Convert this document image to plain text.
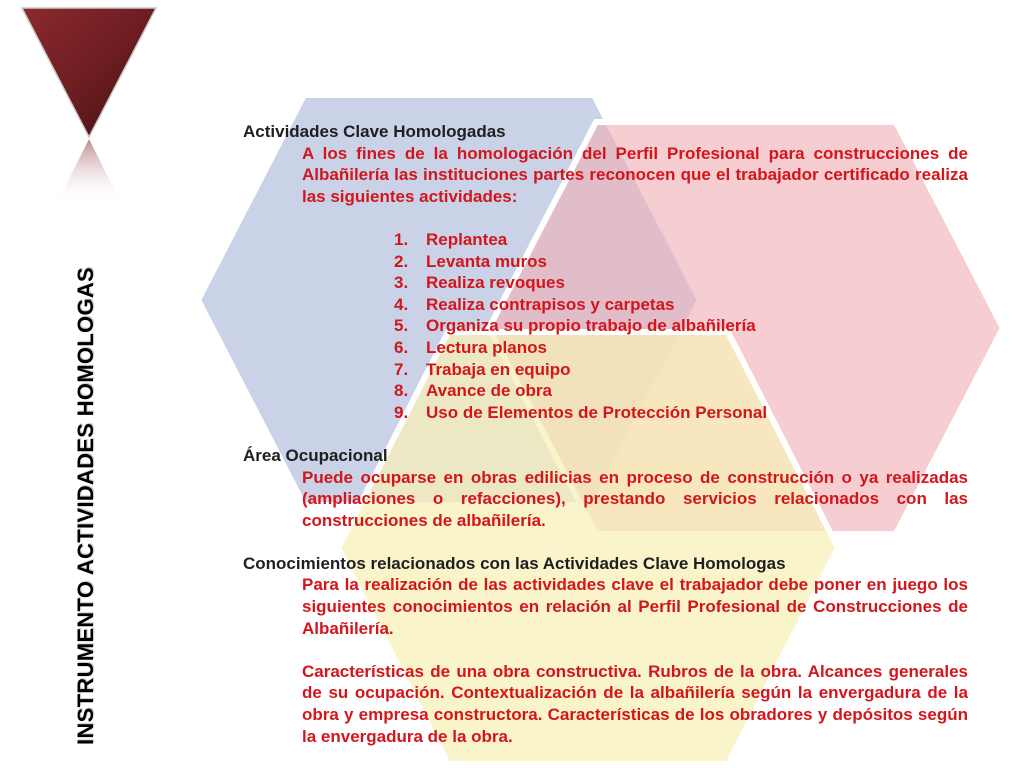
INSTRUMENTO ACTIVIDADES HOMOLOGAS

Actividades Clave Homologadas

A los fines de la homologación del Perfil Profesional para construcciones de Albañilería las instituciones partes reconocen que el trabajador certificado realiza las siguientes actividades:

1. Replantea
2. Levanta muros
3. Realiza revoques
4. Realiza contrapisos y carpetas
5. Organiza su propio trabajo de albañilería
6. Lectura planos
7. Trabaja en equipo
8. Avance de obra
9. Uso de Elementos de Protección Personal

Área Ocupacional

Puede ocuparse en obras edilicias en proceso de construcción o ya realizadas (ampliaciones o refacciones), prestando servicios relacionados con las construcciones de albañilería.

Conocimientos relacionados con las Actividades Clave Homologas

Para la realización de las actividades clave el trabajador debe poner en juego los siguientes conocimientos en relación al Perfil Profesional de Construcciones de Albañilería.

Características de una obra constructiva. Rubros de la obra. Alcances generales de su ocupación. Contextualización de la albañilería según la envergadura de la obra y empresa constructora. Características de los obradores y depósitos según la envergadura de la obra.
